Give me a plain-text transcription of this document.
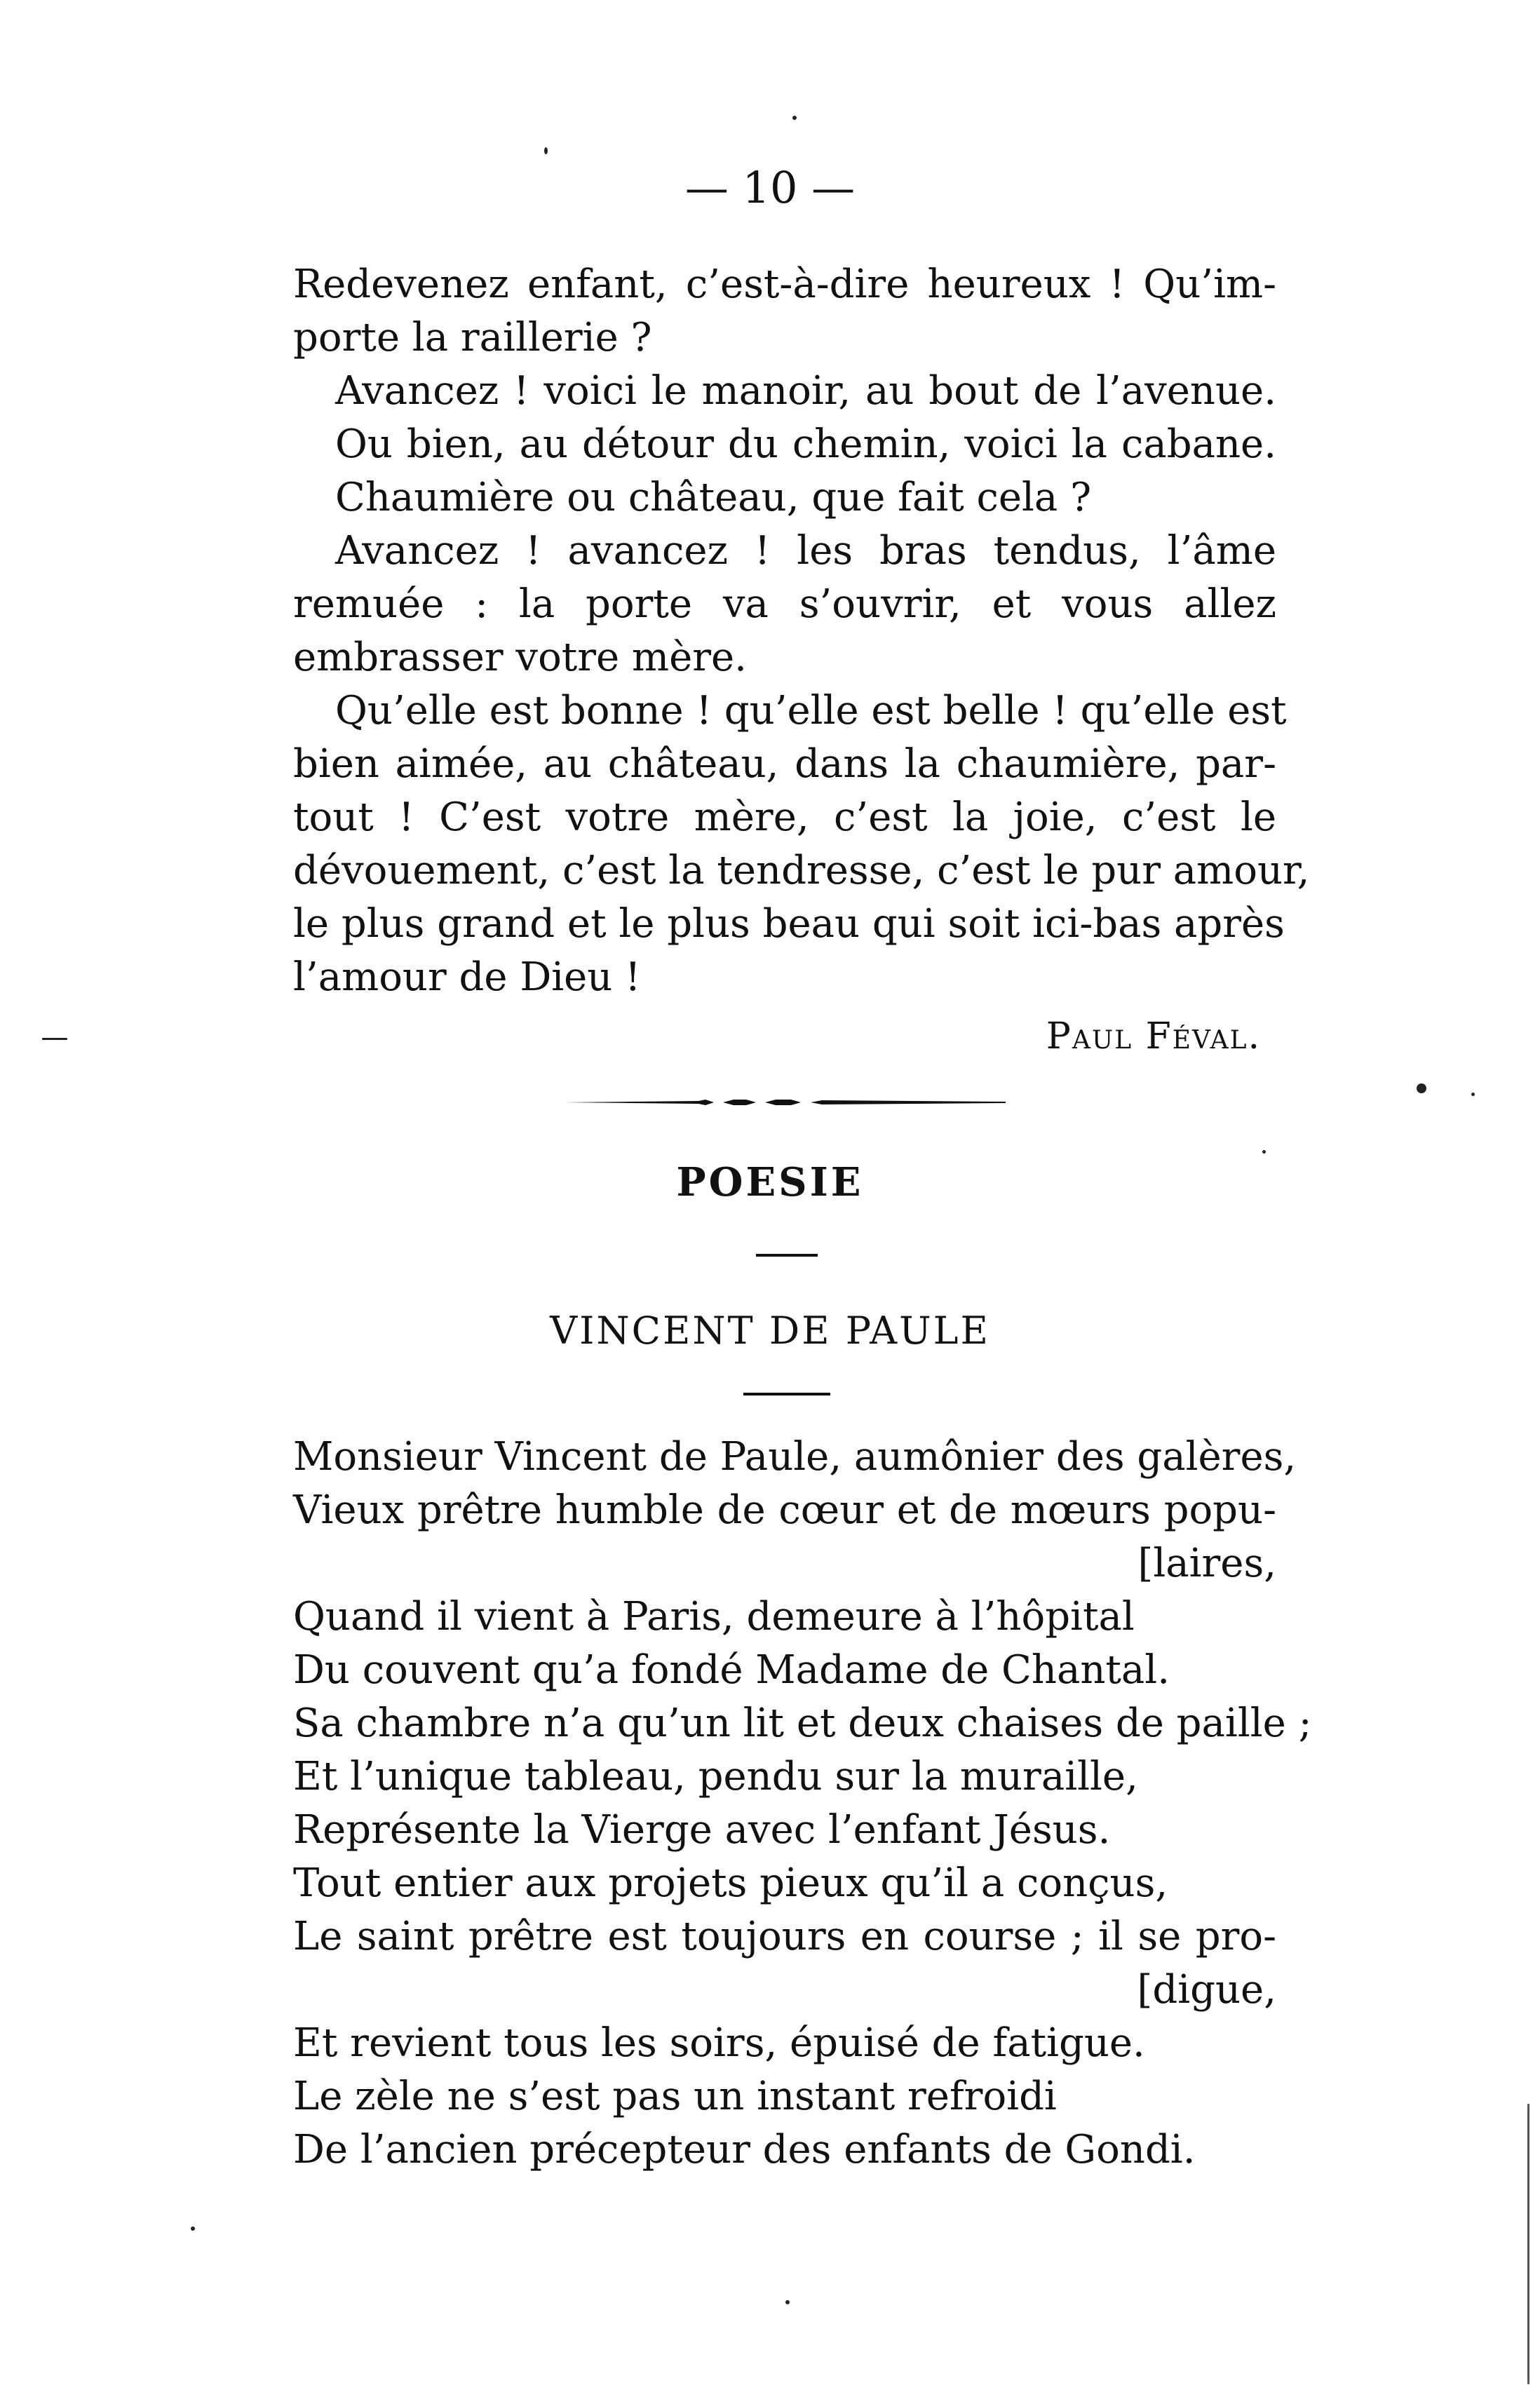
— 10 —
Redevenez enfant, c’est-à-dire heureux ! Qu’im-
porte la raillerie ?
Avancez ! voici le manoir, au bout de l’avenue.
Ou bien, au détour du chemin, voici la cabane.
Chaumière ou château, que fait cela ?
Avancez ! avancez ! les bras tendus, l’âme
remuée : la porte va s’ouvrir, et vous allez
embrasser votre mère.
Qu’elle est bonne ! qu’elle est belle ! qu’elle est
bien aimée, au château, dans la chaumière, par-
tout ! C’est votre mère, c’est la joie, c’est le
dévouement, c’est la tendresse, c’est le pur amour,
le plus grand et le plus beau qui soit ici-bas après
l’amour de Dieu !
Paul Féval.
POESIE
VINCENT DE PAULE
Monsieur Vincent de Paule, aumônier des galères,
Vieux prêtre humble de cœur et de mœurs popu-
[laires,
Quand il vient à Paris, demeure à l’hôpital
Du couvent qu’a fondé Madame de Chantal.
Sa chambre n’a qu’un lit et deux chaises de paille ;
Et l’unique tableau, pendu sur la muraille,
Représente la Vierge avec l’enfant Jésus.
Tout entier aux projets pieux qu’il a conçus,
Le saint prêtre est toujours en course ; il se pro-
[digue,
Et revient tous les soirs, épuisé de fatigue.
Le zèle ne s’est pas un instant refroidi
De l’ancien précepteur des enfants de Gondi.
